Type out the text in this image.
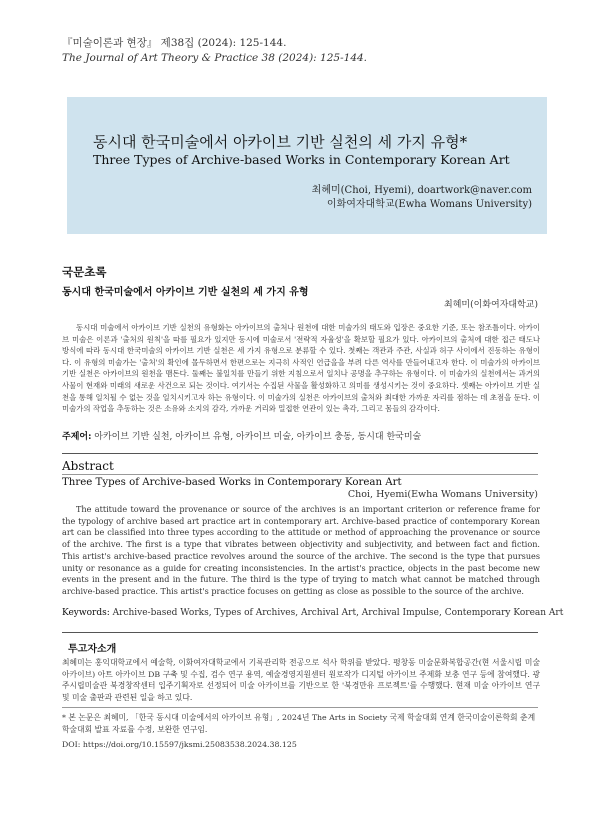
『미술이론과 현장』 제38집 (2024): 125-144.
The Journal of Art Theory & Practice 38 (2024): 125-144.
동시대 한국미술에서 아카이브 기반 실천의 세 가지 유형*
Three Types of Archive-based Works in Contemporary Korean Art
최혜미(Choi, Hyemi), doartwork@naver.com
이화여자대학교(Ewha Womans University)
국문초록
동시대 한국미술에서 아카이브 기반 실천의 세 가지 유형
최혜미(이화여자대학교)

동시대 미술에서 아카이브 기반 실천의 유형화는 아카이브의 출처나 원천에 대한 미술가의 태도와 입장은 중요한 기준, 또는 참조틀이다. 아카이브 미술은 이론과 '출처의 원칙'을 따를 필요가 있지만 동시에 미술로서 '전략적 자율성'을 확보할 필요가 있다. 아카이브의 출처에 대한 접근 태도나 방식에 따라 동시대 한국미술의 아카이브 기반 실천은 세 가지 유형으로 분류할 수 있다. 첫째는 객관과 주관, 사실과 허구 사이에서 진동하는 유형이다. 이 유형의 미술가는 '출처'의 확인에 몰두하면서 한편으로는 지극히 사적인 언급을을 부려 다른 역사를 만들어내고자 한다. 이 미술가의 아카이브 기반 실천은 아카이브의 원천을 맴돈다. 둘째는 불일치를 만들기 위한 지침으로서 일치나 공명을 추구하는 유형이다. 이 미술가의 실천에서는 과거의 사물이 현재와 미래의 새로운 사건으로 되는 것이다. 여기서는 수집된 사물을 활성화하고 의미를 생성시키는 것이 중요하다. 셋째는 아카이브 기반 실천을 통해 일치될 수 없는 것을 일치시키고자 하는 유형이다. 이 미술가의 실천은 아카이브의 출처와 최대한 가까운 자리를 점하는 데 초점을 둔다. 이 미술가의 작업을 추동하는 것은 소유와 소지의 감각, 가까운 거리와 밀접한 연관이 있는 촉각, 그리고 몸들의 감각이다.

주제어: 아카이브 기반 실천, 아카이브 유형, 아카이브 미술, 아카이브 충동, 동시대 한국미술
Abstract
Three Types of Archive-based Works in Contemporary Korean Art
Choi, Hyemi(Ewha Womans University)

The attitude toward the provenance or source of the archives is an important criterion or reference frame for the typology of archive based art practice art in contemporary art. Archive-based practice of contemporary Korean art can be classified into three types according to the attitude or method of approaching the provenance or source of the archive. The first is a type that vibrates between objectivity and subjectivity, and between fact and fiction. This artist's archive-based practice revolves around the source of the archive. The second is the type that pursues unity or resonance as a guide for creating inconsistencies. In the artist's practice, objects in the past become new events in the present and in the future. The third is the type of trying to match what cannot be matched through archive-based practice. This artist's practice focuses on getting as close as possible to the source of the archive.

Keywords: Archive-based Works, Types of Archives, Archival Art, Archival Impulse, Contemporary Korean Art
투고자소개

최혜미는 홍익대학교에서 예술학, 이화여자대학교에서 기록관리학 전공으로 석사 학위를 받았다. 평창동 미술문화복합공간(현 서울시립 미술아카이브) 아트 아카이브 DB 구축 및 수집, 검수 연구 용역, 예술경영지원센터 원로작가 디지털 아카이브 주제화 보충 연구 등에 참여했다. 광주시립미술관 북경창작센터 입주기획자로 선정되어 미술 아카이브를 기반으로 한 '북경만유 프로젝트'를 수행했다. 현재 미술 아카이브 연구 및 미술 출판과 관련된 일을 하고 있다.

* 본 논문은 최혜미, 「한국 동시대 미술에서의 아카이브 유형」, 2024년 The Arts in Society 국제 학술대회 연계 한국미술이론학회 춘계 학술대회 발표 자료를 수정, 보완한 연구임.

DOI: https://doi.org/10.15597/jksmi.25083538.2024.38.125
